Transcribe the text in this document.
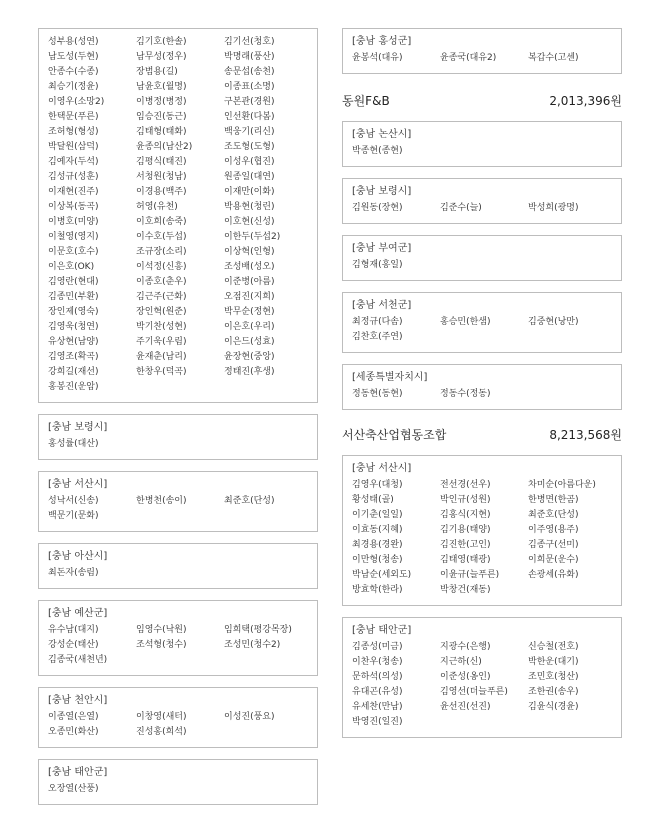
성부용(성연)	김기호(한솔)	김기선(청호)
남도성(두현)	남무성(정우)	박명래(풍산)
안종수(수종)	장범용(길)	송문섭(송천)
최승기(정윤)	남윤호(월명)	이종표(소명)
이영우(소망2)	이병정(병정)	구본관(경원)
한택문(푸른)	임승진(동근)	인선환(다봄)
조허형(형성)	김태형(태화)	백웅기(리신)
박달원(삼덕)	윤종의(남산2)	조도형(도형)
김예자(두석)	김평식(태진)	이성우(협진)
김성규(성훈)	서청원(청남)	원종일(대연)
이재현(진주)	이경용(백주)	이재만(이화)
이상복(동곡)	허영(유천)	박용현(청린)
이병호(미양)	이호희(송죽)	이호현(신성)
이철영(영지)	이수호(두섭)	이한두(두섭2)
이문호(호수)	조규장(소리)	이상혁(인형)
이은호(OK)	이석정(신흥)	조성배(성오)
김영란(현대)	이종호(춘우)	이준병(아름)
김종민(부환)	김근주(근화)	오점진(지희)
장인제(영숙)	장인혁(원준)	박무순(정현)
김영욱(청연)	박기찬(성현)	이은호(우리)
유상현(남양)	주기욱(우림)	이은드(성효)
김영조(확곡)	윤재춘(남리)	윤장현(중앙)
강희길(재선)	한창우(덕곡)	정태진(후생)
홍봉진(운암)
[충남 보령시]
홍성률(대산)
[충남 서산시]
성낙서(신송)	한병천(송이)	최준호(단성)
백문기(문화)
[충남 아산시]
최돈자(송림)
[충남 예산군]
유수남(대지)	임영수(낙원)	임희택(평강목장)
강성순(태산)	조석형(청수)	조성민(청수2)
김종국(새천년)
[충남 천안시]
이종열(은열)	이창영(새터)	이성진(풍요)
오종민(화산)	진성홍(희석)
[충남 태안군]
오장열(산풍)
[충남 홍성군]
윤봉석(대유)	윤종국(대유2)	복갑수(고센)
동원F&B	2,013,396원
[충남 논산시]
박종현(종현)
[충남 보령시]
김원동(장현)	김준수(늘)	박성희(광명)
[충남 부여군]
김형재(홍일)
[충남 서천군]
최정규(다솜)	홍승민(한샘)	김중현(낭만)
김찬호(주연)
[세종특별자치시]
정동현(동현)	정동수(정동)
서산축산업협동조합	8,213,568원
[충남 서산시]
김영우(대청)	전선경(선우)	차미순(아름다운)
황성태(골)	박인규(성원)	한병면(한곰)
이기춘(일일)	김홍식(지현)	최준호(단성)
이효동(지혜)	김기용(태양)	이주영(용주)
최경용(경완)	김진한(고인)	김종구(선미)
이만형(청송)	김태영(태광)	이희문(운수)
박남순(세외도)	이윤규(늘푸른)	손광세(유화)
방효학(한라)	박창건(재동)
[충남 태안군]
김종성(미금)	지광수(은행)	신승철(전호)
이찬우(청송)	지근하(신)	박한운(대기)
문하석(의성)	이준성(옹인)	조민호(청산)
유대곤(유성)	김영선(더늘푸른)	조한권(송우)
유세찬(만남)	윤선진(선진)	김윤식(경윤)
박영진(일진)
